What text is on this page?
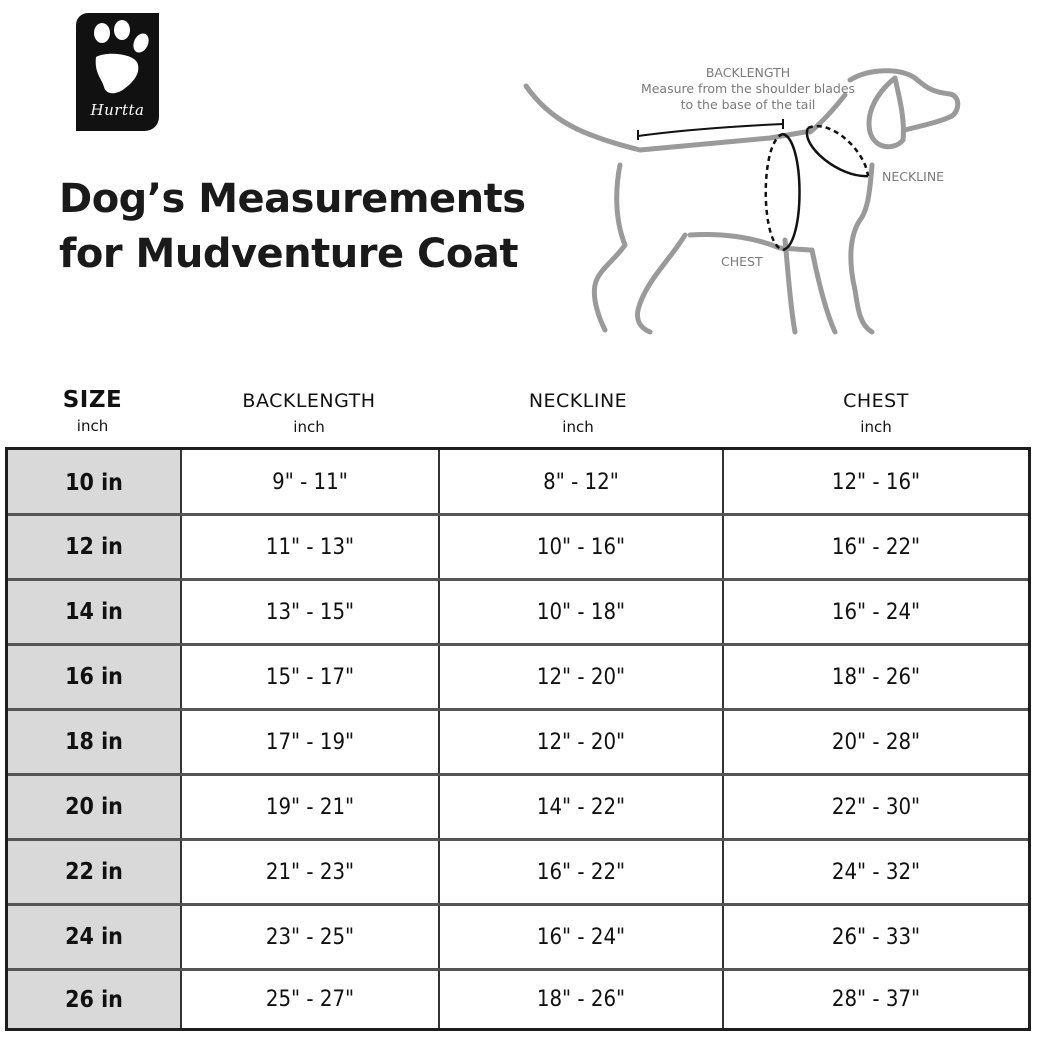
Hurtta
Dog’s Measurements
for Mudventure Coat
BACKLENGTH
Measure from the shoulder blades
to the base of the tail
NECKLINE
CHEST
SIZE
inch
BACKLENGTH
inch
NECKLINE
inch
CHEST
inch
10 in	9" - 11"	8" - 12"	12" - 16"
12 in	11" - 13"	10" - 16"	16" - 22"
14 in	13" - 15"	10" - 18"	16" - 24"
16 in	15" - 17"	12" - 20"	18" - 26"
18 in	17" - 19"	12" - 20"	20" - 28"
20 in	19" - 21"	14" - 22"	22" - 30"
22 in	21" - 23"	16" - 22"	24" - 32"
24 in	23" - 25"	16" - 24"	26" - 33"
26 in	25" - 27"	18" - 26"	28" - 37"
